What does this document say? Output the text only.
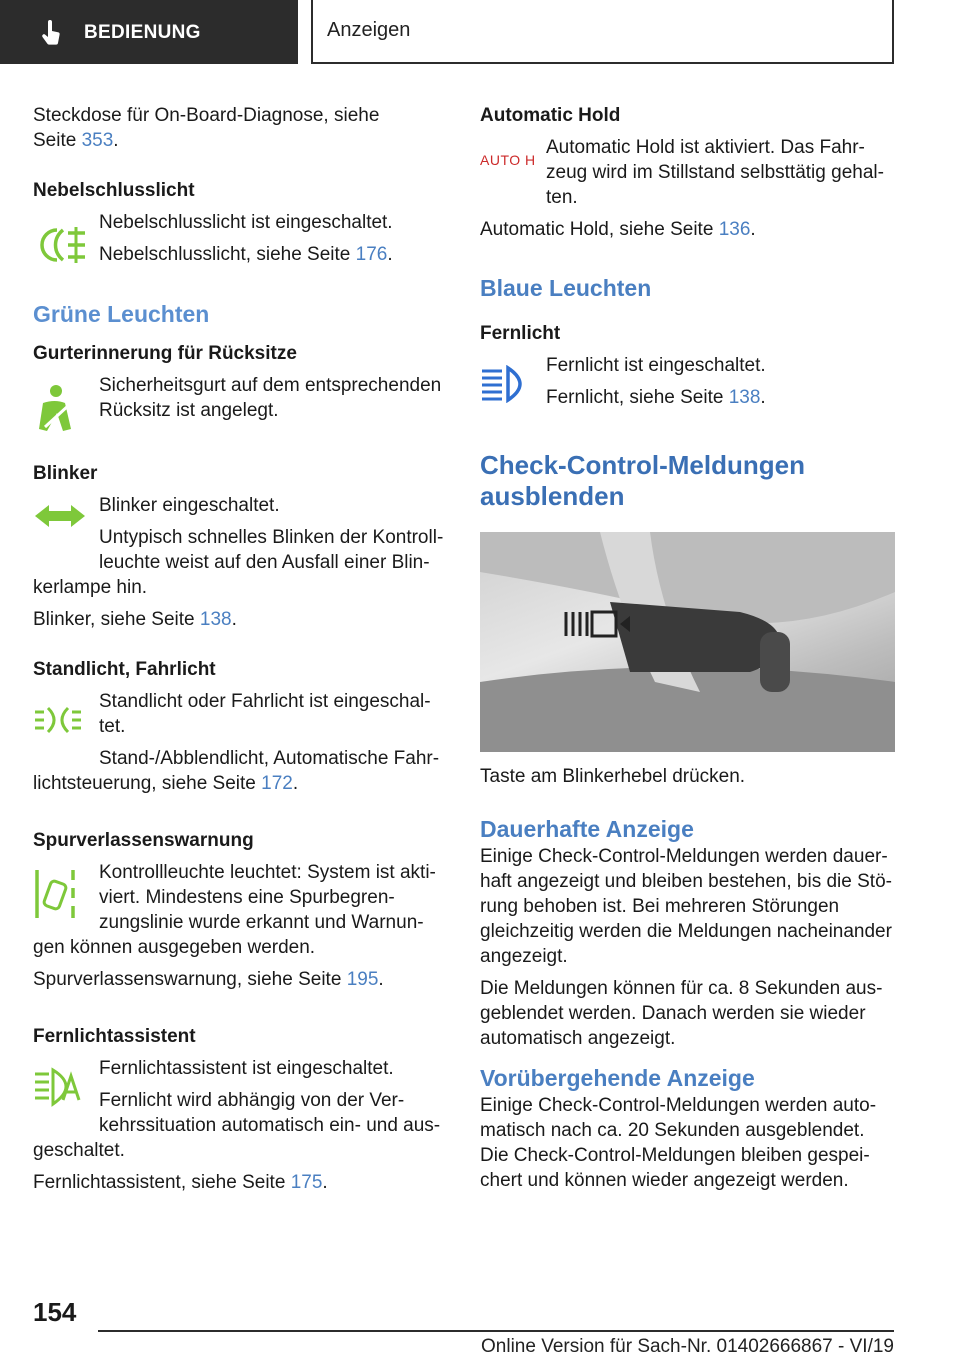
BEDIENUNG	Anzeigen

Steckdose für On-Board-Diagnose, siehe
Seite 353.

Nebelschlusslicht

Nebelschlusslicht ist eingeschaltet.

Nebelschlusslicht, siehe Seite 176.

Grüne Leuchten

Gurterinnerung für Rücksitze

Sicherheitsgurt auf dem entsprechenden

Rücksitz ist angelegt.

Blinker

Blinker eingeschaltet.

Untypisch schnelles Blinken der Kontroll-

leuchte weist auf den Ausfall einer Blin-

kerlampe hin.

Blinker, siehe Seite 138.

Standlicht, Fahrlicht

Standlicht oder Fahrlicht ist eingeschal-

tet.

Stand-/Abblendlicht, Automatische Fahr-

lichtsteuerung, siehe Seite 172.

Spurverlassenswarnung

Kontrollleuchte leuchtet: System ist akti-

viert. Mindestens eine Spurbegren-

zungslinie wurde erkannt und Warnun-

gen können ausgegeben werden.

Spurverlassenswarnung, siehe Seite 195.

Fernlichtassistent

Fernlichtassistent ist eingeschaltet.

Fernlicht wird abhängig von der Ver-

kehrssituation automatisch ein- und aus-

geschaltet.

Fernlichtassistent, siehe Seite 175.

Automatic Hold

AUTO H

Automatic Hold ist aktiviert. Das Fahr-

zeug wird im Stillstand selbsttätig gehal-

ten.

Automatic Hold, siehe Seite 136.

Blaue Leuchten

Fernlicht

Fernlicht ist eingeschaltet.

Fernlicht, siehe Seite 138.

Check-Control-Meldungen

ausblenden

Taste am Blinkerhebel drücken.

Dauerhafte Anzeige

Einige Check-Control-Meldungen werden dauer-

haft angezeigt und bleiben bestehen, bis die Stö-

rung behoben ist. Bei mehreren Störungen

gleichzeitig werden die Meldungen nacheinander

angezeigt.

Die Meldungen können für ca. 8 Sekunden aus-

geblendet werden. Danach werden sie wieder

automatisch angezeigt.

Vorübergehende Anzeige

Einige Check-Control-Meldungen werden auto-

matisch nach ca. 20 Sekunden ausgeblendet.

Die Check-Control-Meldungen bleiben gespei-

chert und können wieder angezeigt werden.

154
Online Version für Sach-Nr. 01402666867 - VI/19
